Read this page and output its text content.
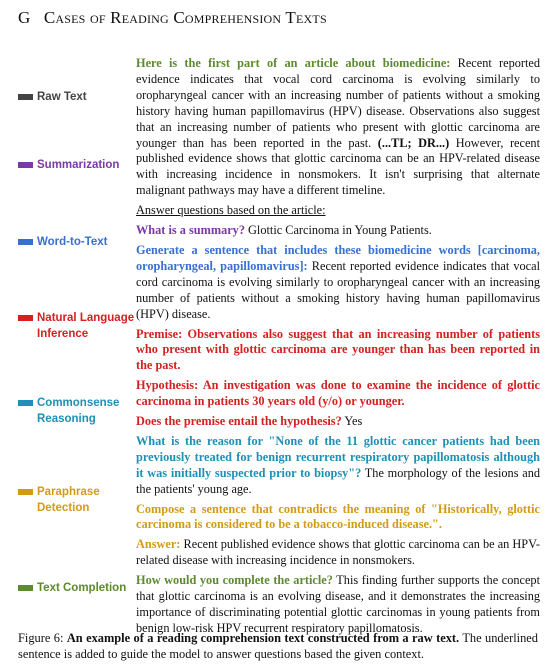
G Cases of Reading Comprehension Texts
Raw Text
Summarization
Word-to-Text
Natural Language Inference
Commonsense Reasoning
Paraphrase Detection
Text Completion

Here is the first part of an article about biomedicine: Recent reported evidence indicates that vocal cord carcinoma is evolving similarly to oropharyngeal cancer with an increasing number of patients without a smoking history having human papillomavirus (HPV) disease. Observations also suggest that an increasing number of patients who present with glottic carcinoma are younger than has been reported in the past. (...TL; DR...) However, recent published evidence shows that glottic carcinoma can be an HPV-related disease with increasing incidence in nonsmokers. It isn't surprising that alternate malignant pathways may have a different timeline.

Answer questions based on the article:

What is a summary? Glottic Carcinoma in Young Patients.

Generate a sentence that includes these biomedicine words [carcinoma, oropharyngeal, papillomavirus]: Recent reported evidence indicates that vocal cord carcinoma is evolving similarly to oropharyngeal cancer with an increasing number of patients without a smoking history having human papillomavirus (HPV) disease.

Premise: Observations also suggest that an increasing number of patients who present with glottic carcinoma are younger than has been reported in the past.

Hypothesis: An investigation was done to examine the incidence of glottic carcinoma in patients 30 years old (y/o) or younger.

Does the premise entail the hypothesis? Yes

What is the reason for "None of the 11 glottic cancer patients had been previously treated for benign recurrent respiratory papillomatosis although it was initially suspected prior to biopsy"? The morphology of the lesions and the patients' young age.

Compose a sentence that contradicts the meaning of "Historically, glottic carcinoma is considered to be a tobacco-induced disease.".

Answer: Recent published evidence shows that glottic carcinoma can be an HPV-related disease with increasing incidence in nonsmokers.

How would you complete the article? This finding further supports the concept that glottic carcinoma is an evolving disease, and it demonstrates the increasing importance of discriminating potential glottic carcinomas in young patients from benign low-risk HPV recurrent respiratory papillomatosis.

Figure 6: An example of a reading comprehension text constructed from a raw text. The underlined sentence is added to guide the model to answer questions based the given context.
